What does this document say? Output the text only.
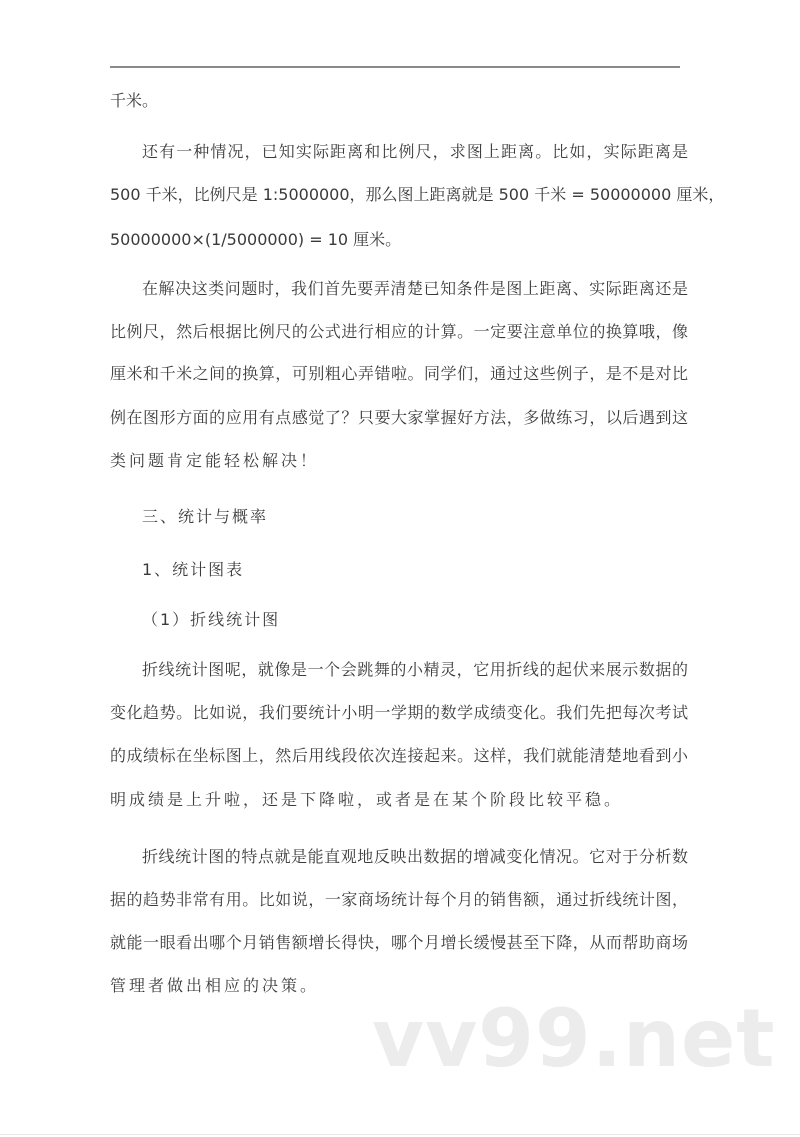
千米。
还有一种情况，已知实际距离和比例尺，求图上距离。比如，实际距离是
500 千米，比例尺是 1:5000000，那么图上距离就是 500 千米 = 50000000 厘米，
50000000×(1/5000000) = 10 厘米。
在解决这类问题时，我们首先要弄清楚已知条件是图上距离、实际距离还是
比例尺，然后根据比例尺的公式进行相应的计算。一定要注意单位的换算哦，像
厘米和千米之间的换算，可别粗心弄错啦。同学们，通过这些例子，是不是对比
例在图形方面的应用有点感觉了？只要大家掌握好方法，多做练习，以后遇到这
类问题肯定能轻松解决！
三、统计与概率
1、统计图表
（1）折线统计图
折线统计图呢，就像是一个会跳舞的小精灵，它用折线的起伏来展示数据的
变化趋势。比如说，我们要统计小明一学期的数学成绩变化。我们先把每次考试
的成绩标在坐标图上，然后用线段依次连接起来。这样，我们就能清楚地看到小
明成绩是上升啦，还是下降啦，或者是在某个阶段比较平稳。
折线统计图的特点就是能直观地反映出数据的增减变化情况。它对于分析数
据的趋势非常有用。比如说，一家商场统计每个月的销售额，通过折线统计图，
就能一眼看出哪个月销售额增长得快，哪个月增长缓慢甚至下降，从而帮助商场
管理者做出相应的决策。
vv99.net
